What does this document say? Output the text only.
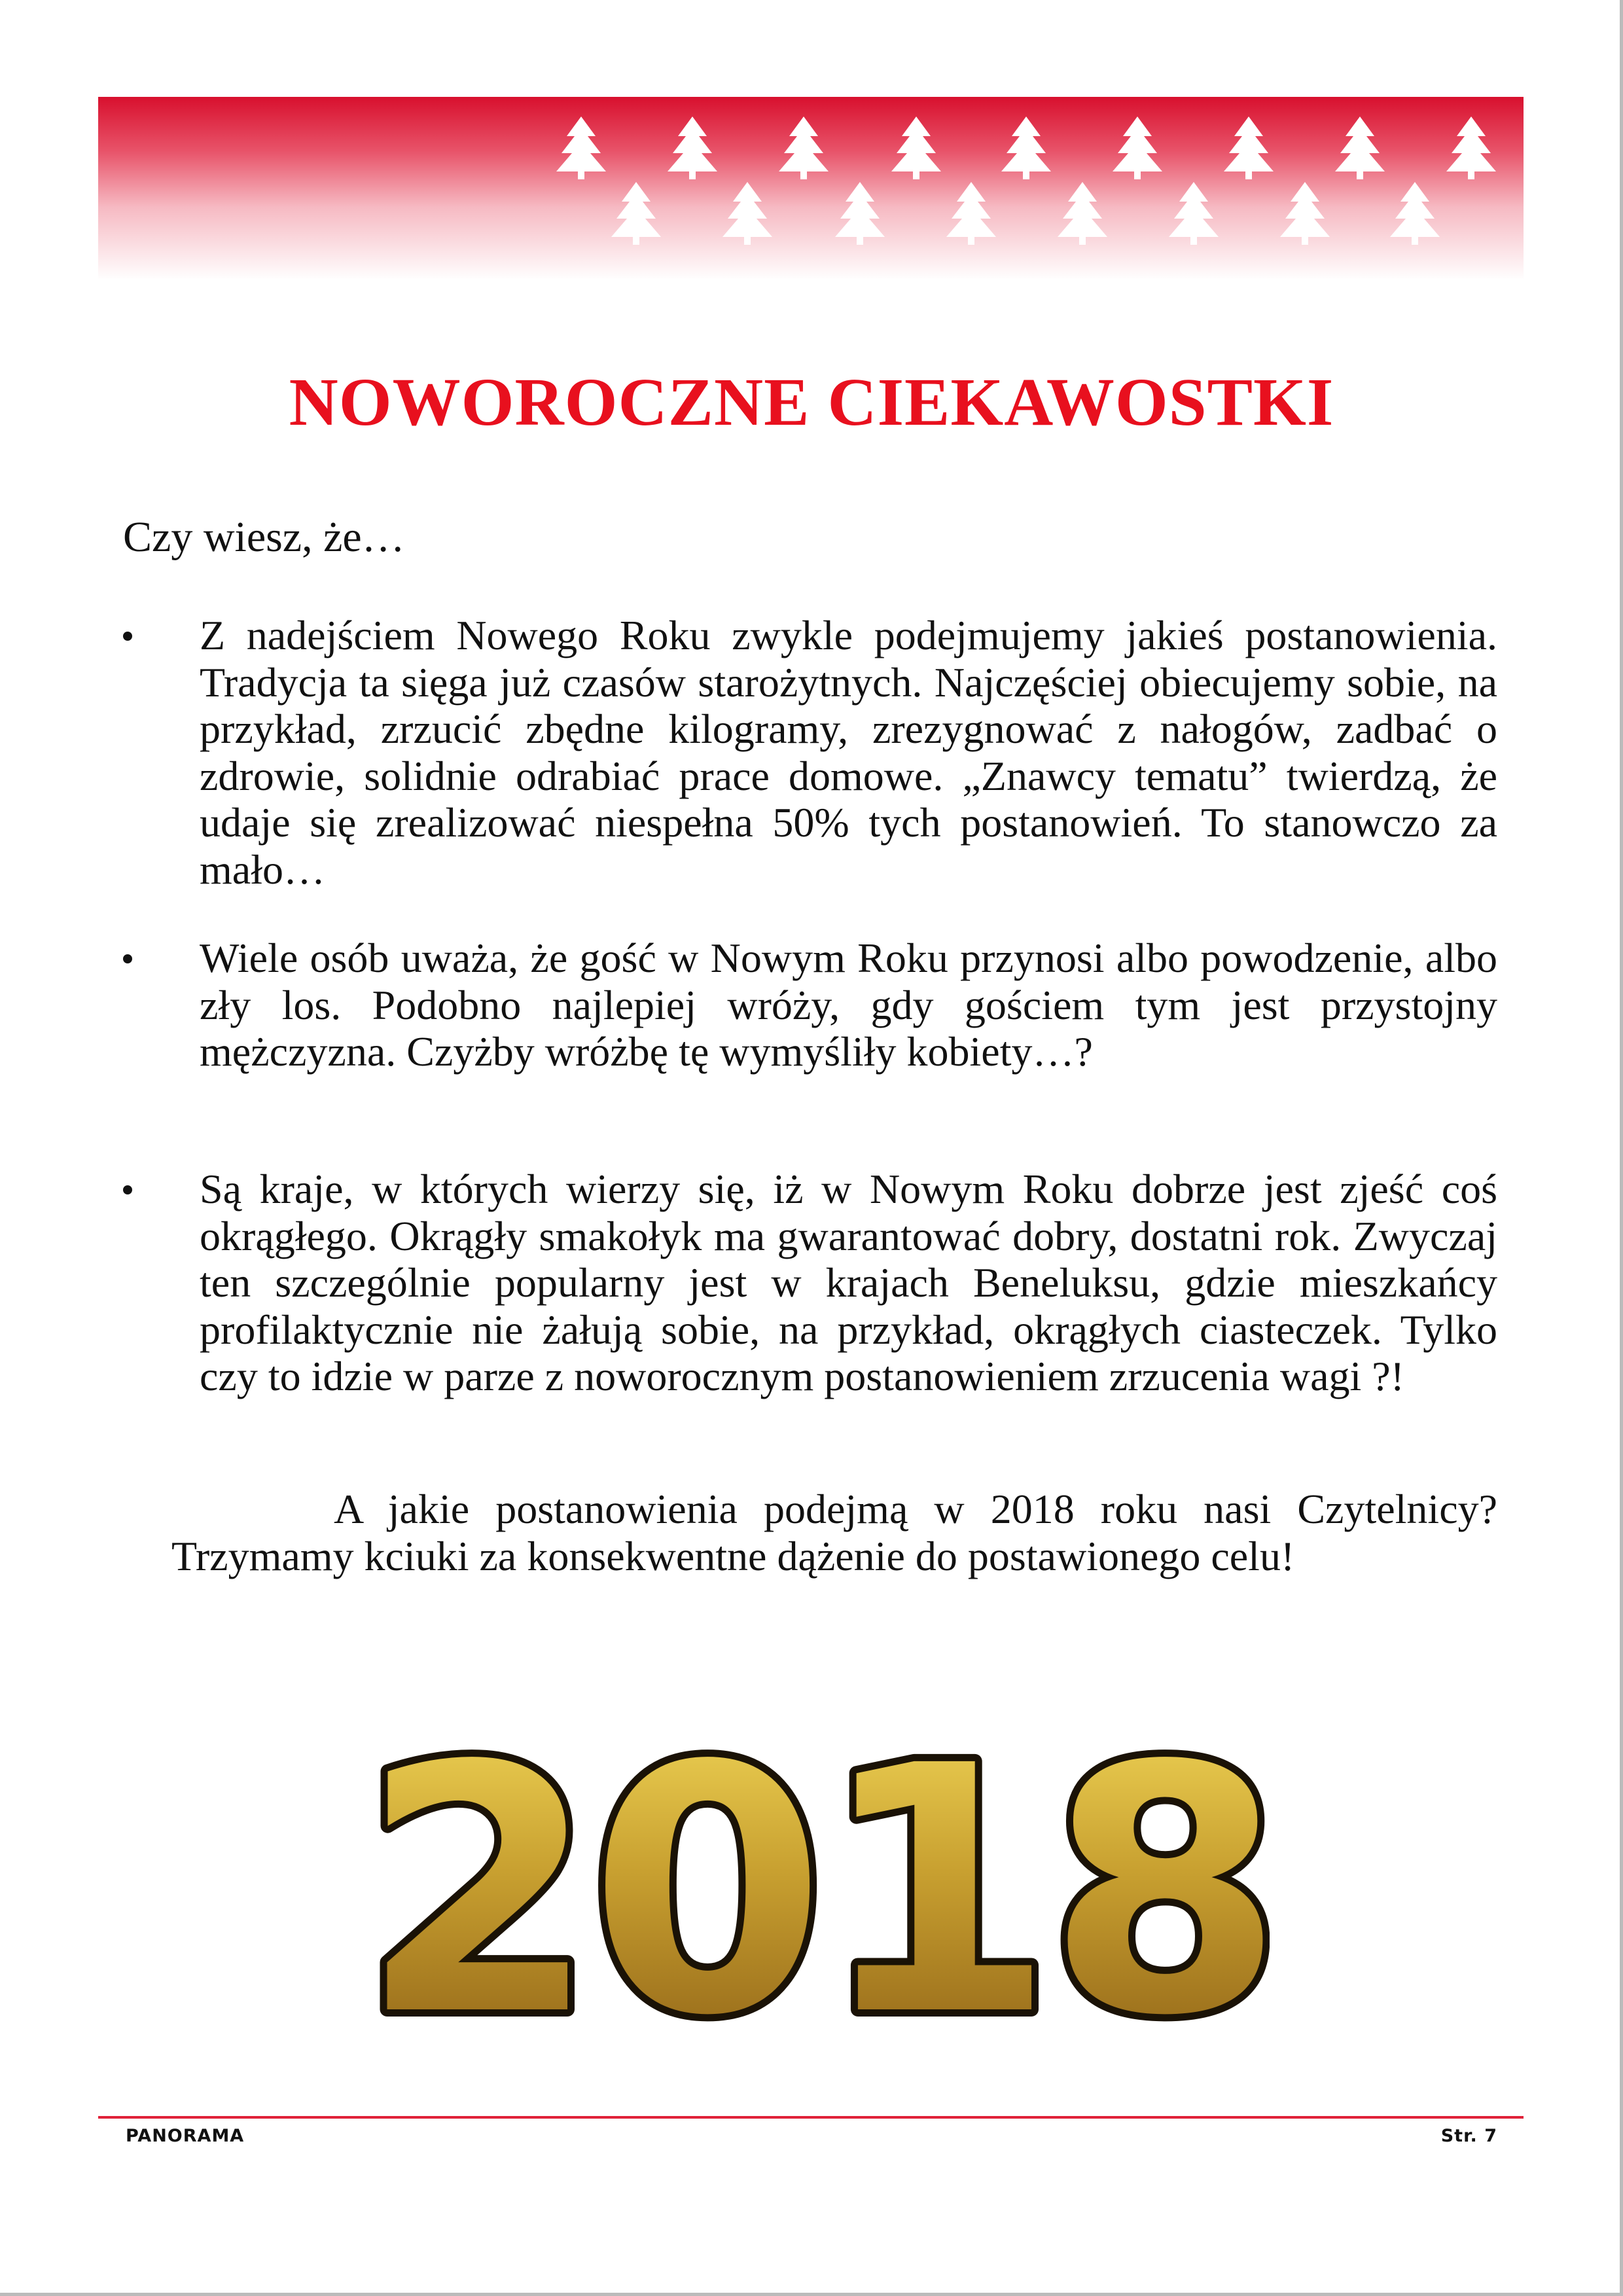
NOWOROCZNE CIEKAWOSTKI
Czy wiesz, że…
Z nadejściem Nowego Roku zwykle podejmujemy jakieś postanowienia. Tradycja ta sięga już czasów starożytnych. Najczęściej obiecujemy sobie, na przykład, zrzucić zbędne kilogramy, zrezygnować z nałogów, zadbać o zdrowie, solidnie odrabiać prace domowe. „Znawcy tematu” twierdzą, że udaje się zrealizować niespełna 50% tych postanowień. To stanowczo za mało…
Wiele osób uważa, że gość w Nowym Roku przynosi albo powodzenie, albo zły los. Podobno najlepiej wróży, gdy gościem tym jest przystojny mężczyzna. Czyżby wróżbę tę wymyśliły kobiety…?
Są kraje, w których wierzy się, iż w Nowym Roku dobrze jest zjeść coś okrągłego. Okrągły smakołyk ma gwarantować dobry, dostatni rok. Zwyczaj ten szczególnie popularny jest w krajach Beneluksu, gdzie mieszkańcy profilaktycznie nie żałują sobie, na przykład, okrągłych ciasteczek. Tylko czy to idzie w parze z noworocznym postanowieniem zrzucenia wagi ?!
A jakie postanowienia podejmą w 2018 roku nasi Czytelnicy? Trzymamy kciuki za konsekwentne dążenie do postawionego celu!
2018
PANORAMA	Str. 7
